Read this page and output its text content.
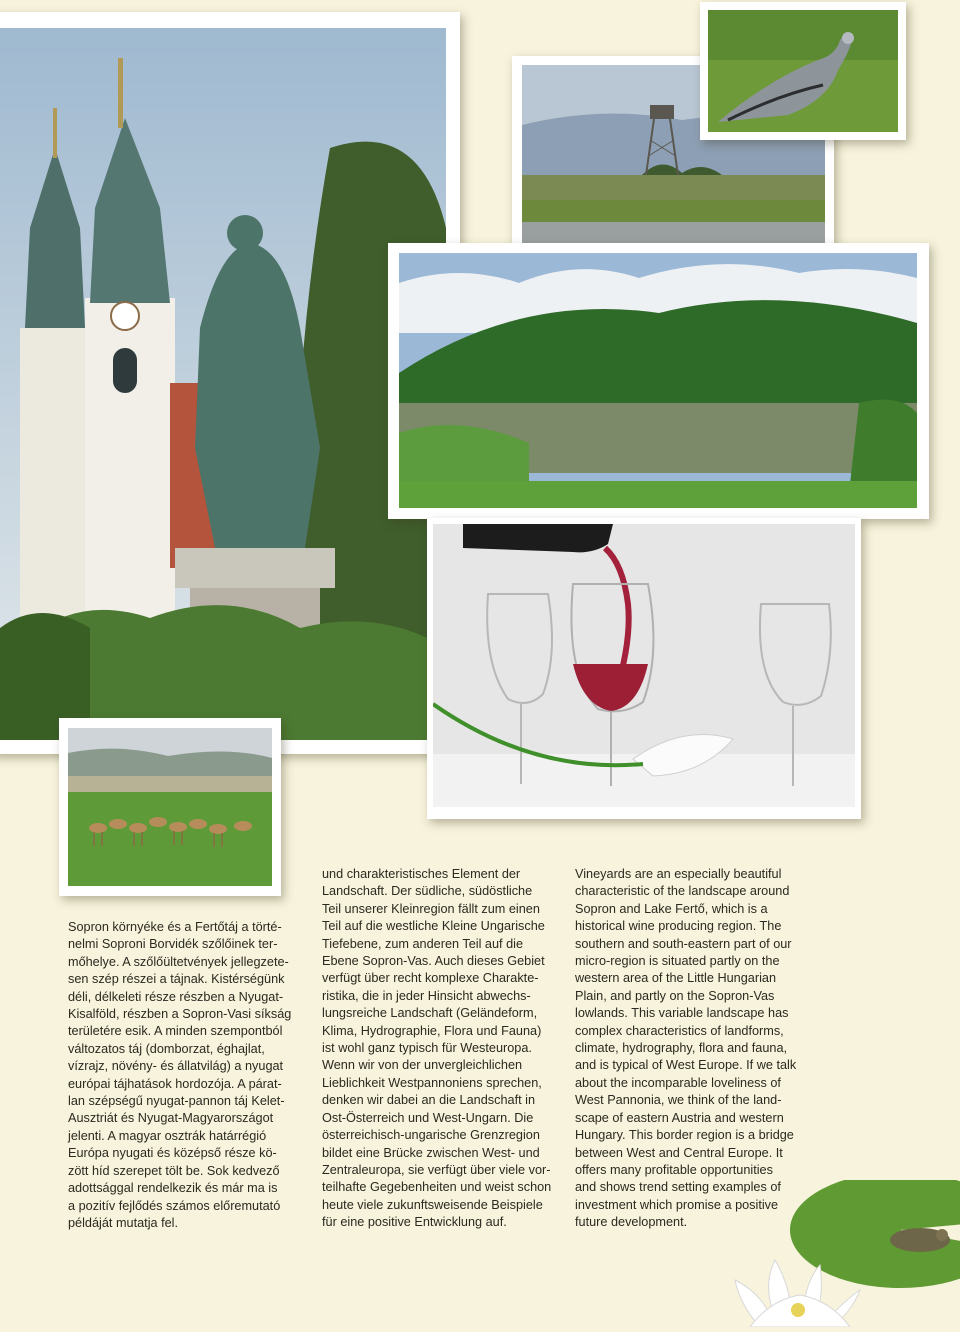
Sopron környéke és a Fertőtáj a törté-
nelmi Soproni Borvidék szőlőinek ter-
mőhelye. A szőlőültetvények jellegzete-
sen szép részei a tájnak. Kistérségünk
déli, délkeleti része részben a Nyugat-
Kisalföld, részben a Sopron-Vasi síkság
területére esik. A minden szempontból
változatos táj (domborzat, éghajlat,
vízrajz, növény- és állatvilág) a nyugat
európai tájhatások hordozója. A párat-
lan szépségű nyugat-pannon táj Kelet-
Ausztriát és Nyugat-Magyarországot
jelenti. A magyar osztrák határrégió
Európa nyugati és középső része kö-
zött híd szerepet tölt be. Sok kedvező
adottsággal rendelkezik és már ma is
a pozitív fejlődés számos előremutató
példáját mutatja fel.

und charakteristisches Element der
Landschaft. Der südliche, südöstliche
Teil unserer Kleinregion fällt zum einen
Teil auf die westliche Kleine Ungarische
Tiefebene, zum anderen Teil auf die
Ebene Sopron-Vas. Auch dieses Gebiet
verfügt über recht komplexe Charakte-
ristika, die in jeder Hinsicht abwechs-
lungsreiche Landschaft (Geländeform,
Klima, Hydrographie, Flora und Fauna)
ist wohl ganz typisch für Westeuropa.
Wenn wir von der unvergleichlichen
Lieblichkeit Westpannoniens sprechen,
denken wir dabei an die Landschaft in
Ost-Österreich und West-Ungarn. Die
österreichisch-ungarische Grenzregion
bildet eine Brücke zwischen West- und
Zentraleuropa, sie verfügt über viele vor-
teilhafte Gegebenheiten und weist schon
heute viele zukunftsweisende Beispiele
für eine positive Entwicklung auf.

Vineyards are an especially beautiful
characteristic of the landscape around
Sopron and Lake Fertő, which is a
historical wine producing region. The
southern and south-eastern part of our
micro-region is situated partly on the
western area of the Little Hungarian
Plain, and partly on the Sopron-Vas
lowlands. This variable landscape has
complex characteristics of landforms,
climate, hydrography, flora and fauna,
and is typical of West Europe. If we talk
about the incomparable loveliness of
West Pannonia, we think of the land-
scape of eastern Austria and western
Hungary. This border region is a bridge
between West and Central Europe. It
offers many profitable opportunities
and shows trend setting examples of
investment which promise a positive
future development.
